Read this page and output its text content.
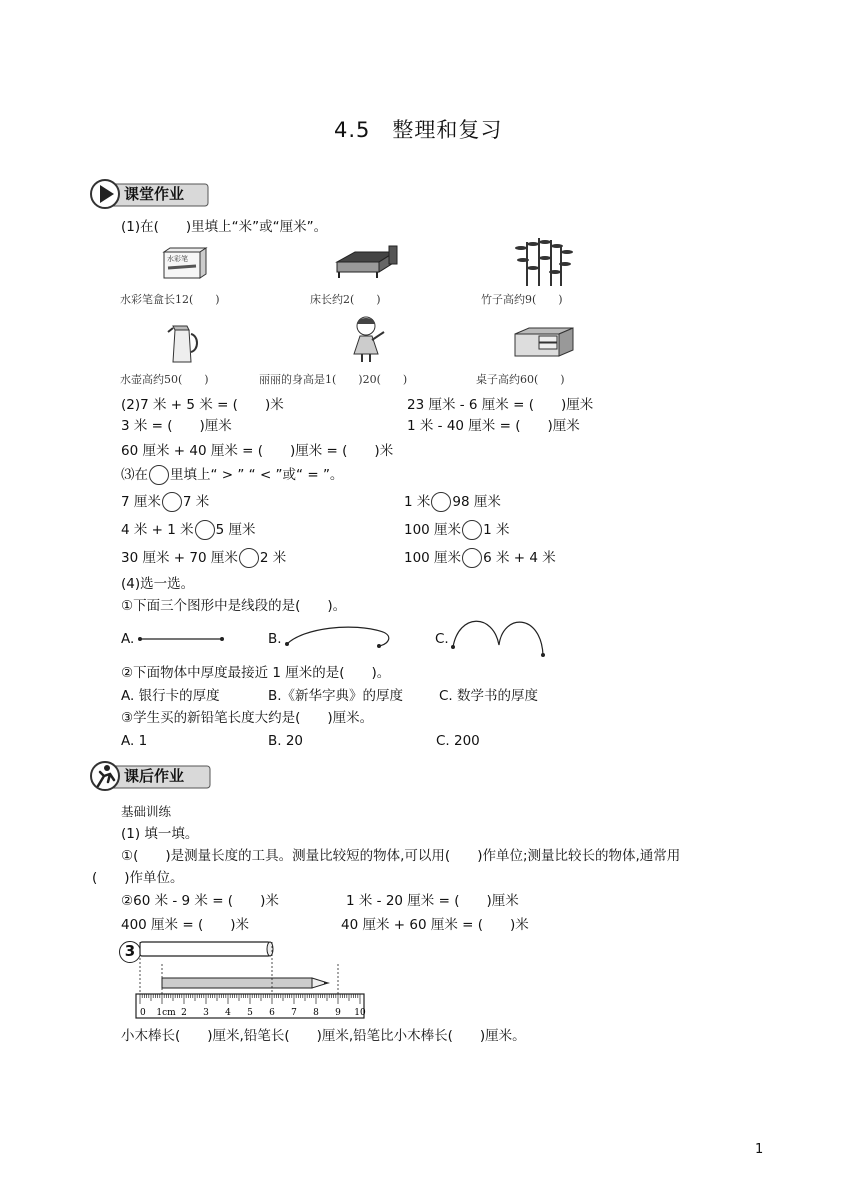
4.5　整理和复习
课堂作业
(1)在(　　)里填上“米”或“厘米”。
水彩笔
水彩笔盒长12(　　)	床长约2(　　)	竹子高约9(　　)
水壶高约50(　　)	丽丽的身高是1(　　)20(　　)	桌子高约60(　　)
(2)7 米 + 5 米 = (　　)米	23 厘米 - 6 厘米 = (　　)厘米
3 米 = (　　)厘米	1 米 - 40 厘米 = (　　)厘米
60 厘米 + 40 厘米 = (　　)厘米 = (　　)米
⑶在 里填上“ > ” “ < ”或“ = ”。
7 厘米 7 米	1 米 98 厘米
4 米 + 1 米 5 厘米	100 厘米 1 米
30 厘米 + 70 厘米 2 米	100 厘米 6 米 + 4 米
(4)选一选。
①下面三个图形中是线段的是(　　)。
A.	B.	C.
②下面物体中厚度最接近 1 厘米的是(　　)。
A. 银行卡的厚度	B.《新华字典》的厚度	C. 数学书的厚度
③学生买的新铅笔长度大约是(　　)厘米。
A. 1	B. 20	C. 200
课后作业
基础训练
(1) 填一填。
①(　　)是测量长度的工具。测量比较短的物体,可以用(　　)作单位;测量比较长的物体,通常用
(　　)作单位。
②60 米 - 9 米 = (　　)米	1 米 - 20 厘米 = (　　)厘米
400 厘米 = (　　)米	40 厘米 + 60 厘米 = (　　)米
3
0 1cm 2 3 4 5 6 7 8 9 10
小木棒长(　　)厘米,铅笔长(　　)厘米,铅笔比小木棒长(　　)厘米。
1
